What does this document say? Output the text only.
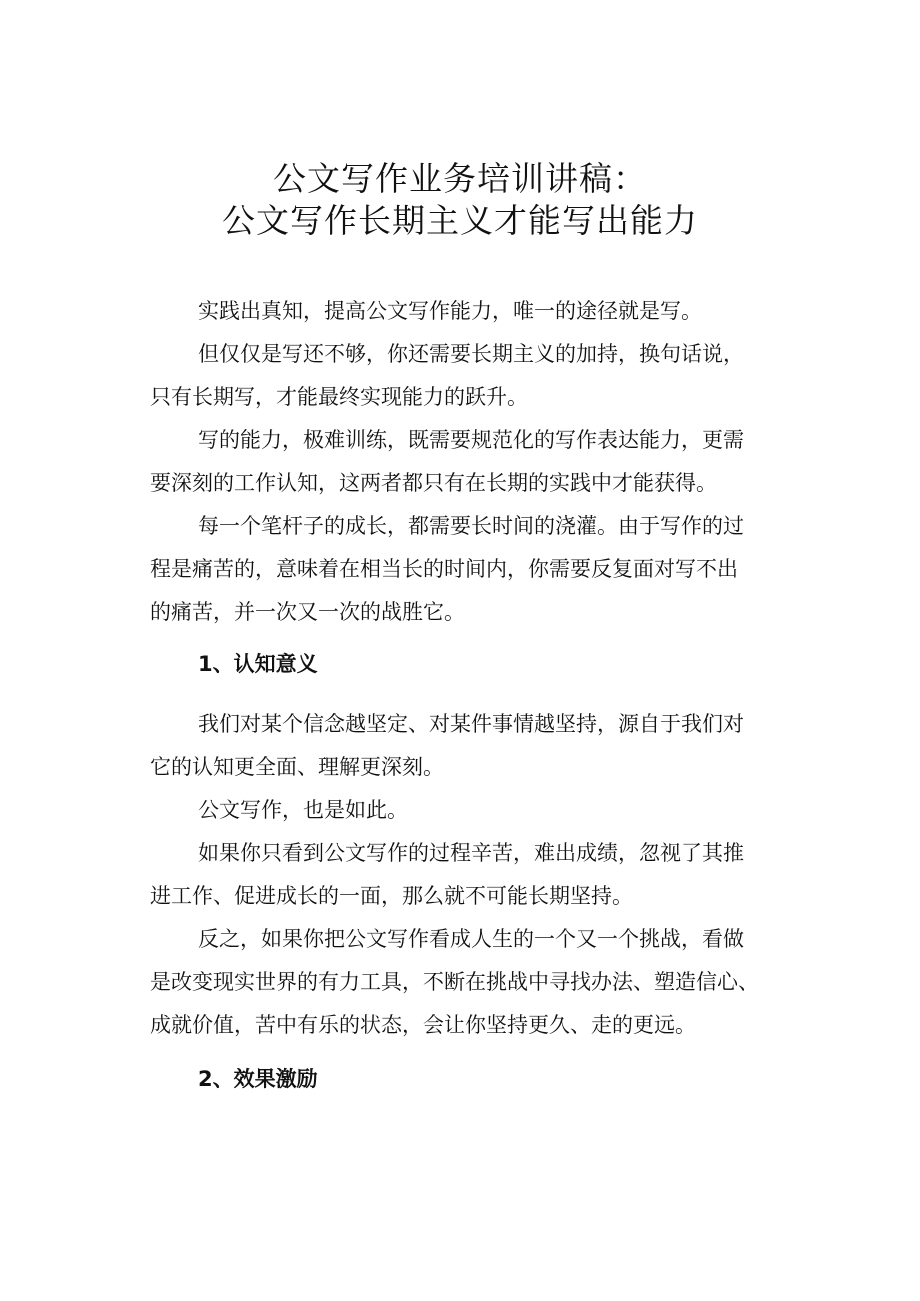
公文写作业务培训讲稿：
公文写作长期主义才能写出能力
实践出真知，提高公文写作能力，唯一的途径就是写。
但仅仅是写还不够，你还需要长期主义的加持，换句话说，
只有长期写，才能最终实现能力的跃升。
写的能力，极难训练，既需要规范化的写作表达能力，更需
要深刻的工作认知，这两者都只有在长期的实践中才能获得。
每一个笔杆子的成长，都需要长时间的浇灌。由于写作的过
程是痛苦的，意味着在相当长的时间内，你需要反复面对写不出
的痛苦，并一次又一次的战胜它。
1、认知意义
我们对某个信念越坚定、对某件事情越坚持，源自于我们对
它的认知更全面、理解更深刻。
公文写作，也是如此。
如果你只看到公文写作的过程辛苦，难出成绩，忽视了其推
进工作、促进成长的一面，那么就不可能长期坚持。
反之，如果你把公文写作看成人生的一个又一个挑战，看做
是改变现实世界的有力工具，不断在挑战中寻找办法、塑造信心、
成就价值，苦中有乐的状态，会让你坚持更久、走的更远。
2、效果激励
